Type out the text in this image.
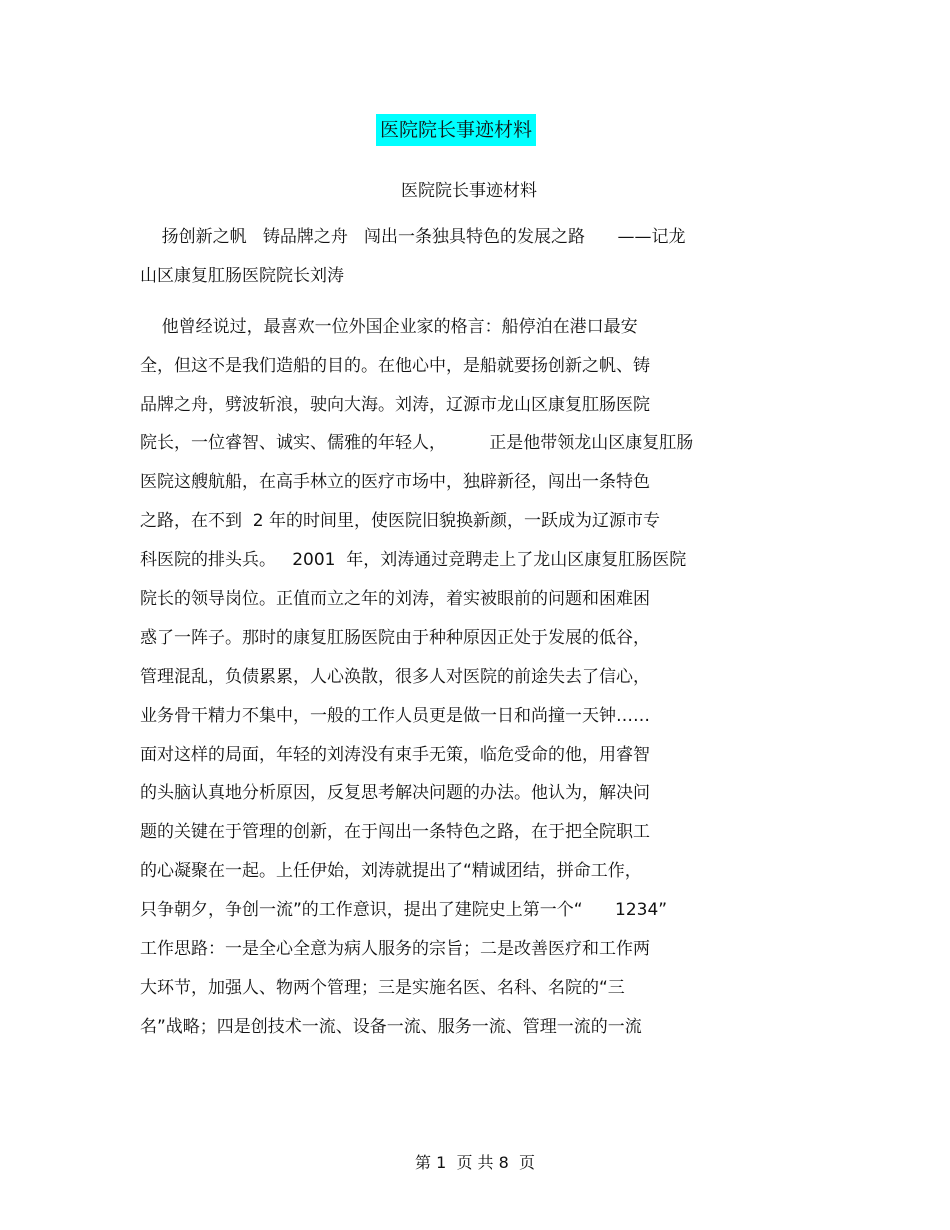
医院院长事迹材料
医院院长事迹材料
扬创新之帆   铸品牌之舟   闯出一条独具特色的发展之路      ——记龙
山区康复肛肠医院院长刘涛
他曾经说过，最喜欢一位外国企业家的格言：船停泊在港口最安
全，但这不是我们造船的目的。在他心中，是船就要扬创新之帆、铸
品牌之舟，劈波斩浪，驶向大海。刘涛，辽源市龙山区康复肛肠医院
院长，一位睿智、诚实、儒雅的年轻人，        正是他带领龙山区康复肛肠
医院这艘航船，在高手林立的医疗市场中，独辟新径，闯出一条特色
之路，在不到  2 年的时间里，使医院旧貌换新颜，一跃成为辽源市专
科医院的排头兵。   2001  年，刘涛通过竞聘走上了龙山区康复肛肠医院
院长的领导岗位。正值而立之年的刘涛，着实被眼前的问题和困难困
惑了一阵子。那时的康复肛肠医院由于种种原因正处于发展的低谷，
管理混乱，负债累累，人心涣散，很多人对医院的前途失去了信心，
业务骨干精力不集中，一般的工作人员更是做一日和尚撞一天钟……
面对这样的局面，年轻的刘涛没有束手无策，临危受命的他，用睿智
的头脑认真地分析原因，反复思考解决问题的办法。他认为，解决问
题的关键在于管理的创新，在于闯出一条特色之路，在于把全院职工
的心凝聚在一起。上任伊始，刘涛就提出了“精诚团结，拼命工作，
只争朝夕，争创一流”的工作意识，提出了建院史上第一个“      1234”
工作思路：一是全心全意为病人服务的宗旨；二是改善医疗和工作两
大环节，加强人、物两个管理；三是实施名医、名科、名院的“三
名”战略；四是创技术一流、设备一流、服务一流、管理一流的一流
第 1  页 共 8  页
